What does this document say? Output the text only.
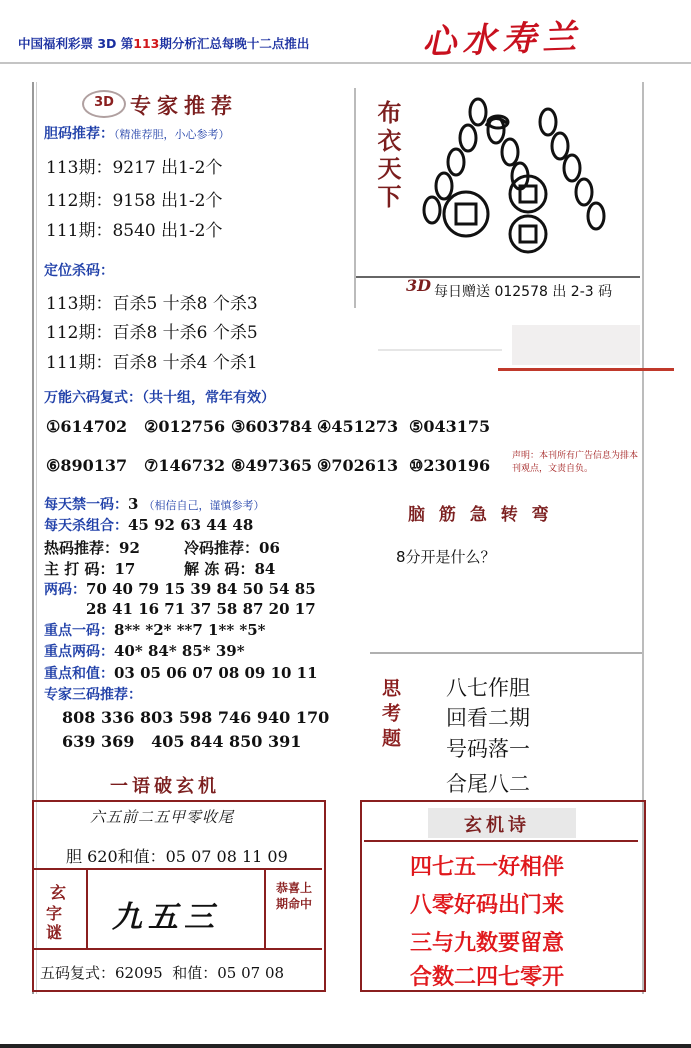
中国福利彩票 3D 第113期分析汇总每晚十二点推出	心水寿兰
3D 专家推荐
胆码推荐：（精准荐胆，小心参考）
113期：9217 出1-2个
112期：9158 出1-2个
111期：8540 出1-2个
定位杀码：
113期：百杀5 十杀8 个杀3
112期：百杀8 十杀6 个杀5
111期：百杀8 十杀4 个杀1
万能六码复式：（共十组，常年有效）
①614702 ②012756 ③603784 ④451273 ⑤043175
⑥890137 ⑦146732 ⑧497365 ⑨702613 ⑩230196
布衣天下
3D 每日赠送 012578 出 2-3 码
声明：本刊所有广告信息为排本刊观点，文责自负。
每天禁一码：3 （相信自己，谨慎参考）
每天杀组合：45 92 63 44 48
热码推荐：92	冷码推荐：06
主 打 码：17	解 冻 码：84
两码：70 40 79 15 39 84 50 54 85
28 41 16 71 37 58 87 20 17
重点一码：8** *2* **7 1** *5*
重点两码：40* 84* 85* 39*
重点和值：03 05 06 07 08 09 10 11
专家三码推荐：
808 336 803 598 746 940 170
639 369   405 844 850 391
脑 筋 急 转 弯
8分开是什么？
思考题 八七作胆
回看二期
号码落一
合尾八二
一语破玄机
六五前二五甲零收尾
胆 620和值：05 07 08 11 09
玄
字谜 九五三
恭喜上期命中
五码复式：62095  和值：05 07 08
玄机诗
四七五一好相伴
八零好码出门来
三与九数要留意
合数二四七零开
